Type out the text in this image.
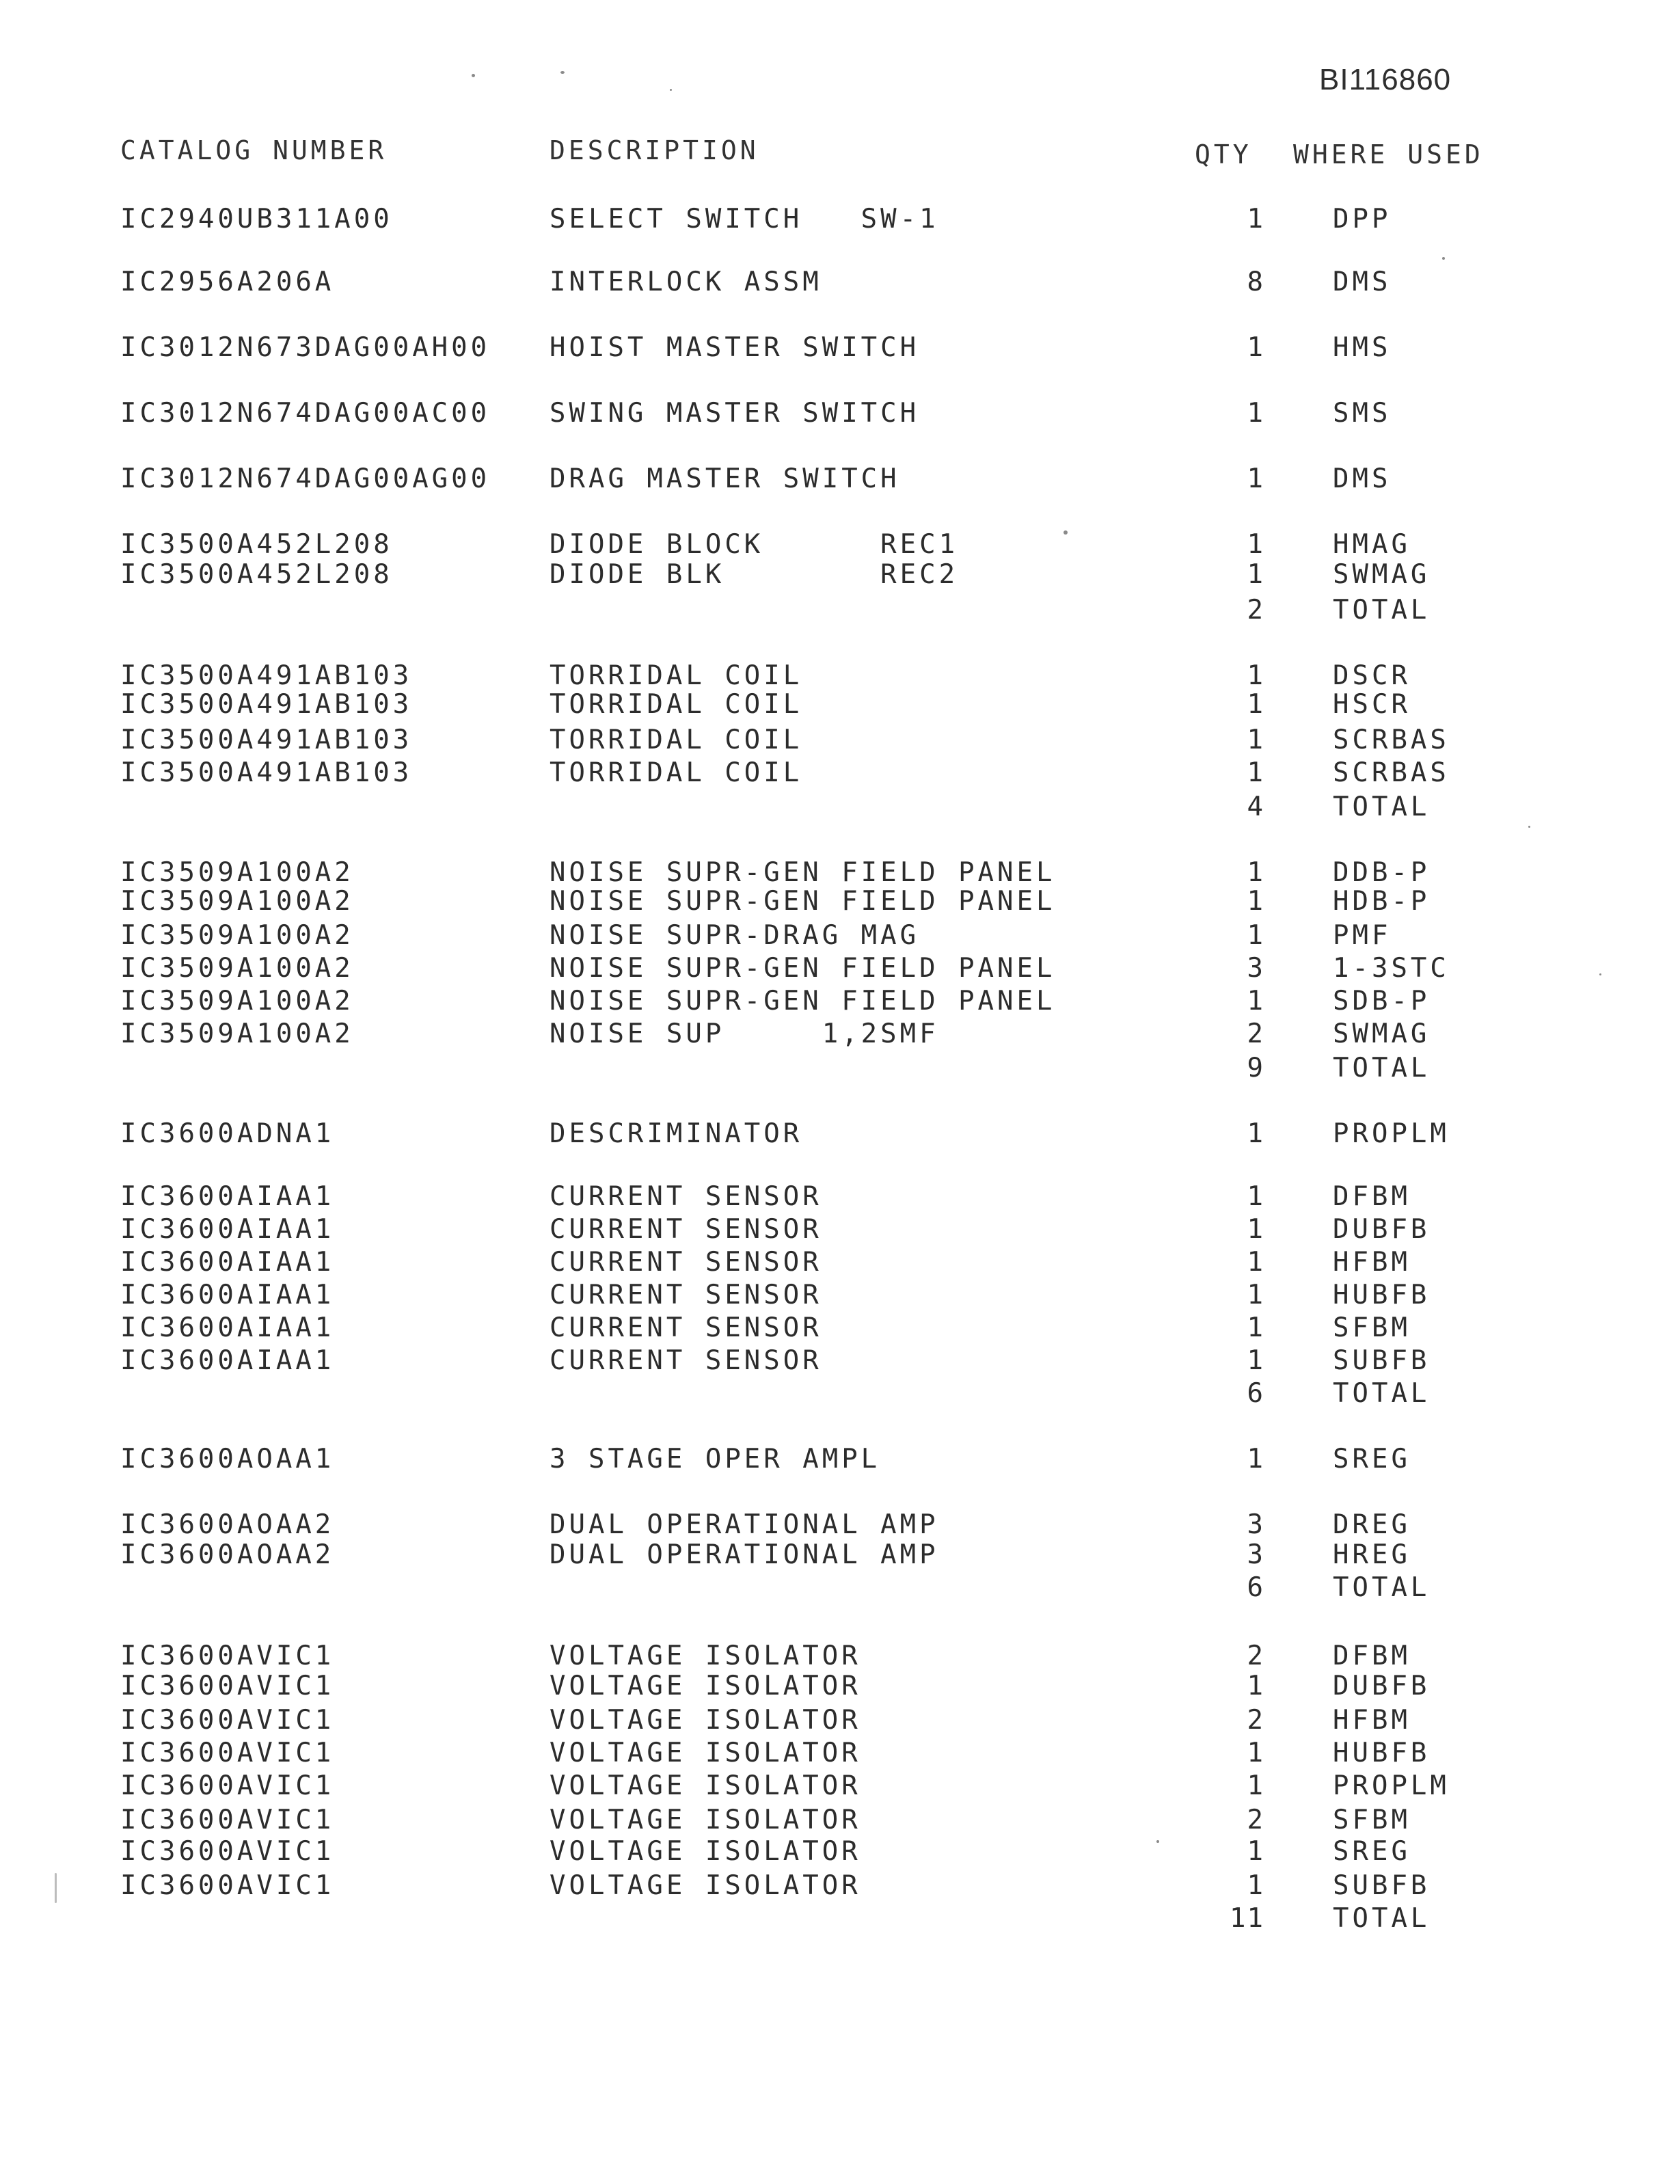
BI116860
CATALOG NUMBER	DESCRIPTION	QTY WHERE USED
IC2940UB311A00	SELECT SWITCH   SW-1	1	DPP
IC2956A206A	INTERLOCK ASSM	8	DMS
IC3012N673DAG00AH00 HOIST MASTER SWITCH	1	HMS
IC3012N674DAG00AC00 SWING MASTER SWITCH	1	SMS
IC3012N674DAG00AG00 DRAG MASTER SWITCH	1	DMS
IC3500A452L208	DIODE BLOCK      REC1	1	HMAG
IC3500A452L208	DIODE BLK        REC2	1	SWMAG
2	TOTAL
IC3500A491AB103	TORRIDAL COIL	1	DSCR
IC3500A491AB103	TORRIDAL COIL	1	HSCR
IC3500A491AB103	TORRIDAL COIL	1	SCRBAS
IC3500A491AB103	TORRIDAL COIL	1	SCRBAS
4	TOTAL
IC3509A100A2	NOISE SUPR-GEN FIELD PANEL	1	DDB-P
IC3509A100A2	NOISE SUPR-GEN FIELD PANEL	1	HDB-P
IC3509A100A2	NOISE SUPR-DRAG MAG	1	PMF
IC3509A100A2	NOISE SUPR-GEN FIELD PANEL	3	1-3STC
IC3509A100A2	NOISE SUPR-GEN FIELD PANEL	1	SDB-P
IC3509A100A2	NOISE SUP     1,2SMF	2	SWMAG
9	TOTAL
IC3600ADNA1	DESCRIMINATOR	1	PROPLM
IC3600AIAA1	CURRENT SENSOR	1	DFBM
IC3600AIAA1	CURRENT SENSOR	1	DUBFB
IC3600AIAA1	CURRENT SENSOR	1	HFBM
IC3600AIAA1	CURRENT SENSOR	1	HUBFB
IC3600AIAA1	CURRENT SENSOR	1	SFBM
IC3600AIAA1	CURRENT SENSOR	1	SUBFB
6	TOTAL
IC3600AOAA1	3 STAGE OPER AMPL	1	SREG
IC3600AOAA2	DUAL OPERATIONAL AMP	3	DREG
IC3600AOAA2	DUAL OPERATIONAL AMP	3	HREG
6	TOTAL
IC3600AVIC1	VOLTAGE ISOLATOR	2	DFBM
IC3600AVIC1	VOLTAGE ISOLATOR	1	DUBFB
IC3600AVIC1	VOLTAGE ISOLATOR	2	HFBM
IC3600AVIC1	VOLTAGE ISOLATOR	1	HUBFB
IC3600AVIC1	VOLTAGE ISOLATOR	1	PROPLM
IC3600AVIC1	VOLTAGE ISOLATOR	2	SFBM
IC3600AVIC1	VOLTAGE ISOLATOR	1	SREG
IC3600AVIC1	VOLTAGE ISOLATOR	1	SUBFB
11	TOTAL
